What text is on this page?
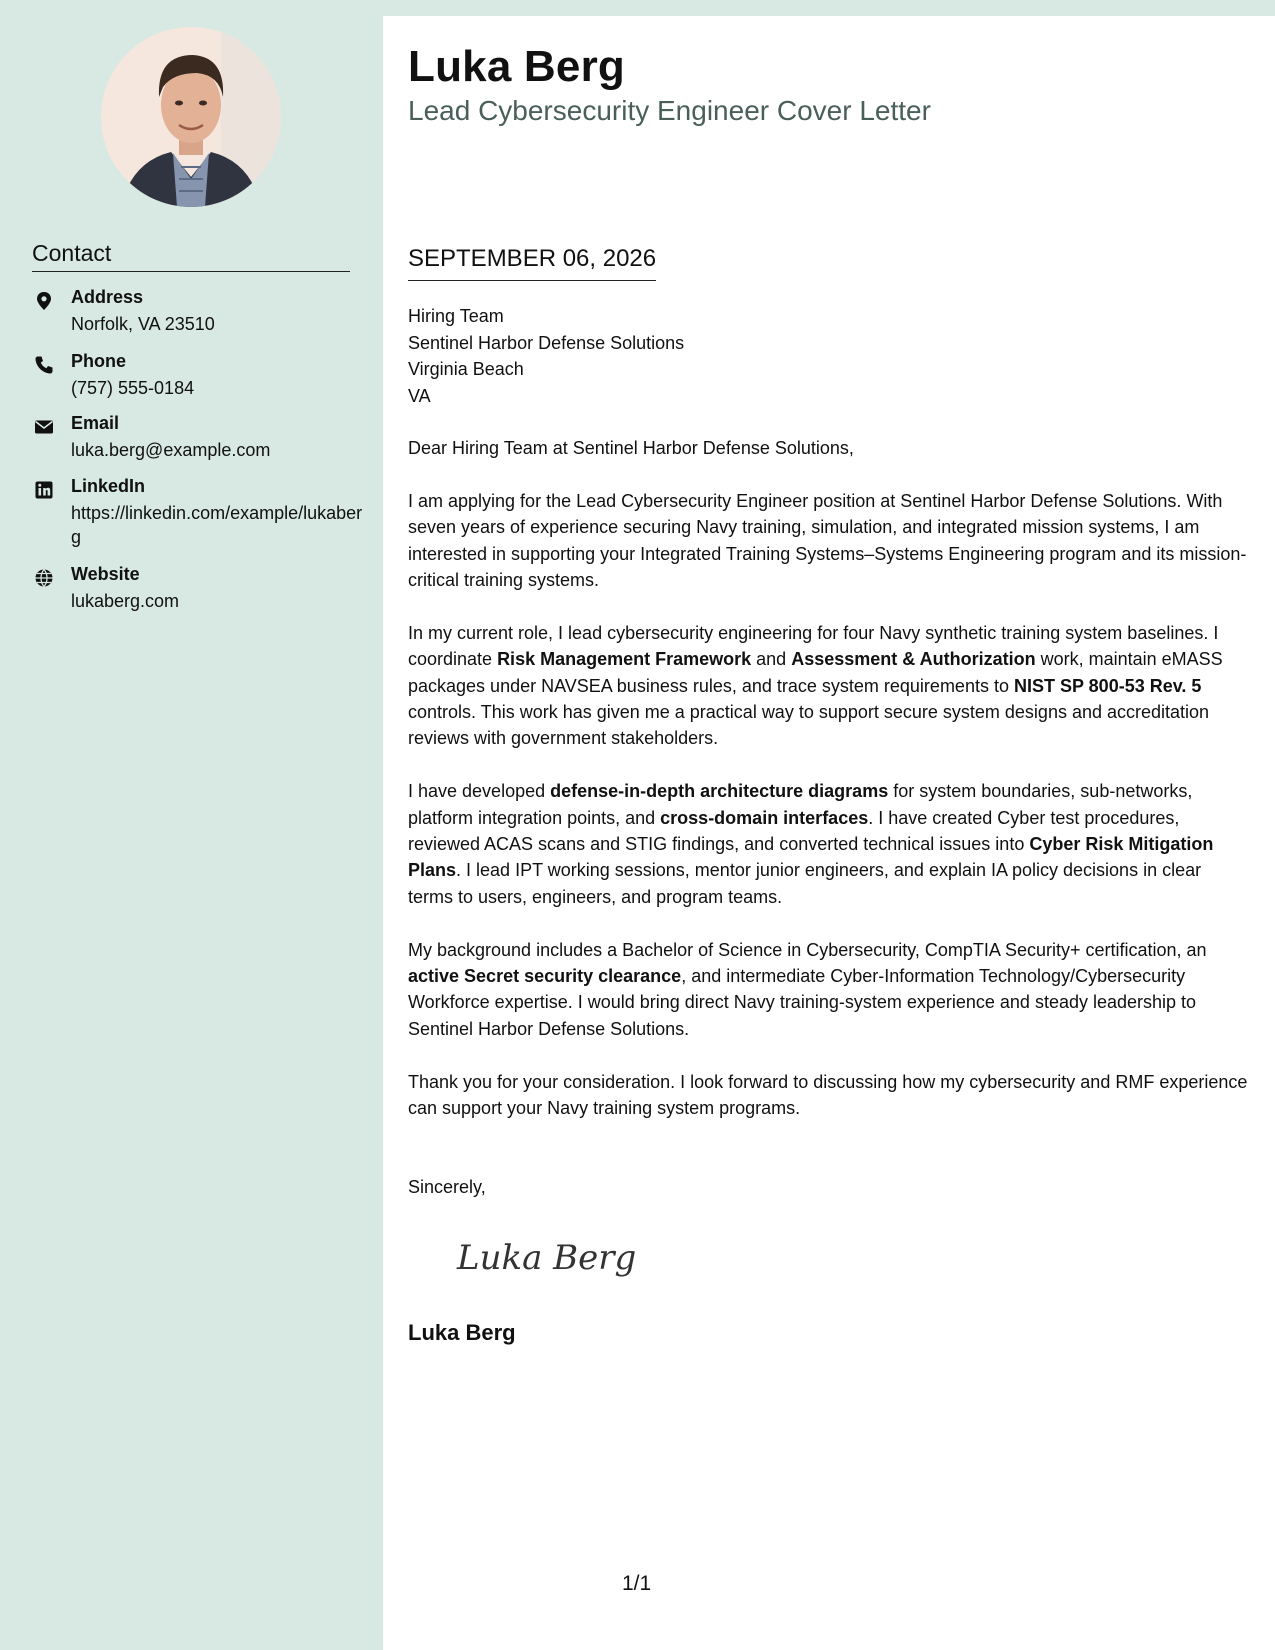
Contact
Address
Norfolk, VA 23510
Phone
(757) 555-0184
Email
luka.berg@example.com
LinkedIn
https://linkedin.com/example/lukaberg
Website
lukaberg.com
Luka Berg
Lead Cybersecurity Engineer Cover Letter
SEPTEMBER 06, 2026
Hiring Team
Sentinel Harbor Defense Solutions
Virginia Beach
VA

Dear Hiring Team at Sentinel Harbor Defense Solutions,

I am applying for the Lead Cybersecurity Engineer position at Sentinel Harbor Defense Solutions. With seven years of experience securing Navy training, simulation, and integrated mission systems, I am interested in supporting your Integrated Training Systems–Systems Engineering program and its mission-critical training systems.

In my current role, I lead cybersecurity engineering for four Navy synthetic training system baselines. I coordinate Risk Management Framework and Assessment & Authorization work, maintain eMASS packages under NAVSEA business rules, and trace system requirements to NIST SP 800-53 Rev. 5 controls. This work has given me a practical way to support secure system designs and accreditation reviews with government stakeholders.

I have developed defense-in-depth architecture diagrams for system boundaries, sub-networks, platform integration points, and cross-domain interfaces. I have created Cyber test procedures, reviewed ACAS scans and STIG findings, and converted technical issues into Cyber Risk Mitigation Plans. I lead IPT working sessions, mentor junior engineers, and explain IA policy decisions in clear terms to users, engineers, and program teams.

My background includes a Bachelor of Science in Cybersecurity, CompTIA Security+ certification, an active Secret security clearance, and intermediate Cyber-Information Technology/Cybersecurity Workforce expertise. I would bring direct Navy training-system experience and steady leadership to Sentinel Harbor Defense Solutions.

Thank you for your consideration. I look forward to discussing how my cybersecurity and RMF experience can support your Navy training system programs.

Sincerely,
Luka Berg
Luka Berg
1/1
